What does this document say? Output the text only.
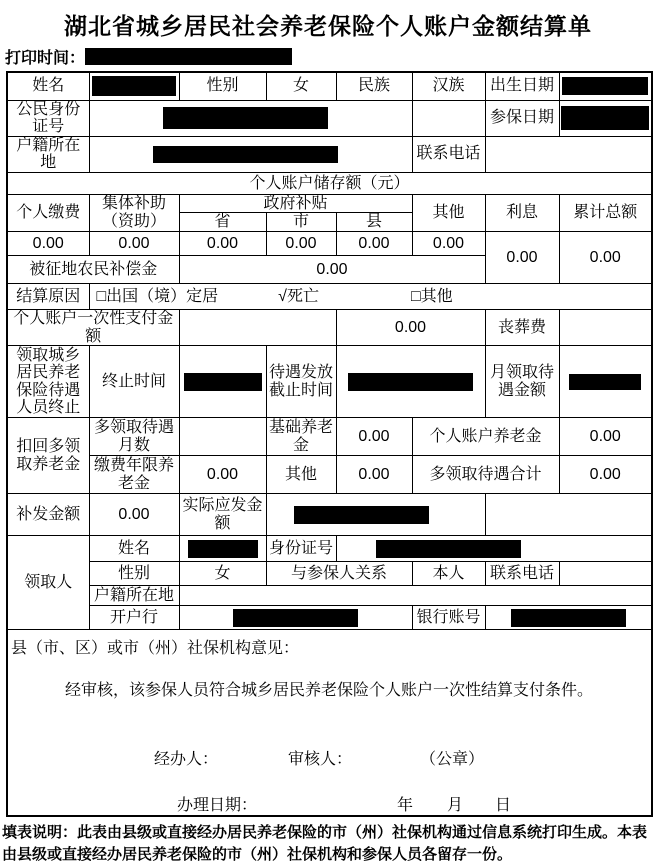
湖北省城乡居民社会养老保险个人账户金额结算单
打印时间：
姓名		性别	女	民族	汉族	出生日期	
公民身份证号						参保日期	
户籍所在地					联系电话		
个人账户储存额（元）							
个人缴费	集体补助（资助）	政府补贴			其他	利息	累计总额
		省	市	县			
0.00	0.00	0.00	0.00	0.00	0.00	0.00	0.00
被征地农民补偿金		0.00					
结算原因	□出国（境）定居 √死亡 □其他						

个人账户一次性支付金额				0.00		丧葬费	
领取城乡居民养老保险待遇人员终止	终止时间		待遇发放截止时间			月领取待遇金额	
扣回多领取养老金	多领取待遇月数		基础养老金	0.00	个人账户养老金		0.00
	缴费年限养老金	0.00	其他	0.00	多领取待遇合计		0.00
补发金额	0.00	实际应发金额					
领取人	姓名		身份证号				
	性别	女	与参保人关系		本人	联系电话	
	户籍所在地						
	开户行				银行账号		

县（市、区）或市（州）社保机构意见：
经审核，该参保人员符合城乡居民养老保险个人账户一次性结算支付条件。
经办人：	审核人：	（公章）
办理日期：	年 月 日
填表说明：此表由县级或直接经办居民养老保险的市（州）社保机构通过信息系统打印生成。本表由县级或直接经办居民养老保险的市（州）社保机构和参保人员各留存一份。
